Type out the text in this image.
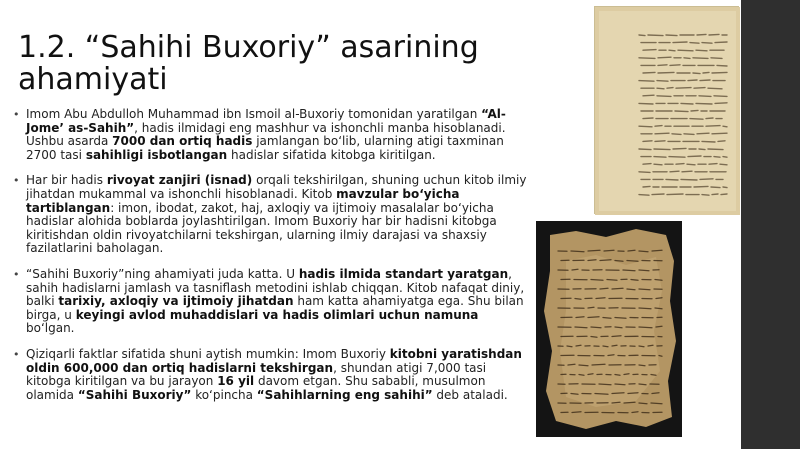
1.2. “Sahihi Buxoriy” asarining
ahamiyati
• Imom Abu Abdulloh Muhammad ibn Ismoil al-Buxoriy tomonidan yaratilgan “Al-Jome’ as-Sahih”, hadis ilmidagi eng mashhur va ishonchli manba hisoblanadi. Ushbu asarda 7000 dan ortiq hadis jamlangan bo‘lib, ularning atigi taxminan 2700 tasi sahihligi isbotlangan hadislar sifatida kitobga kiritilgan.
• Har bir hadis rivoyat zanjiri (isnad) orqali tekshirilgan, shuning uchun kitob ilmiy jihatdan mukammal va ishonchli hisoblanadi. Kitob mavzular bo‘yicha tartiblangan: imon, ibodat, zakot, haj, axloqiy va ijtimoiy masalalar bo‘yicha hadislar alohida boblarda joylashtirilgan. Imom Buxoriy har bir hadisni kitobga kiritishdan oldin rivoyatchilarni tekshirgan, ularning ilmiy darajasi va shaxsiy fazilatlarini baholagan.
• “Sahihi Buxoriy”ning ahamiyati juda katta. U hadis ilmida standart yaratgan, sahih hadislarni jamlash va tasniflash metodini ishlab chiqqan. Kitob nafaqat diniy, balki tarixiy, axloqiy va ijtimoiy jihatdan ham katta ahamiyatga ega. Shu bilan birga, u keyingi avlod muhaddislari va hadis olimlari uchun namuna bo‘lgan.
• Qiziqarli faktlar sifatida shuni aytish mumkin: Imom Buxoriy kitobni yaratishdan oldin 600,000 dan ortiq hadislarni tekshirgan, shundan atigi 7,000 tasi kitobga kiritilgan va bu jarayon 16 yil davom etgan. Shu sababli, musulmon olamida “Sahihi Buxoriy” ko‘pincha “Sahihlarning eng sahihi” deb ataladi.
